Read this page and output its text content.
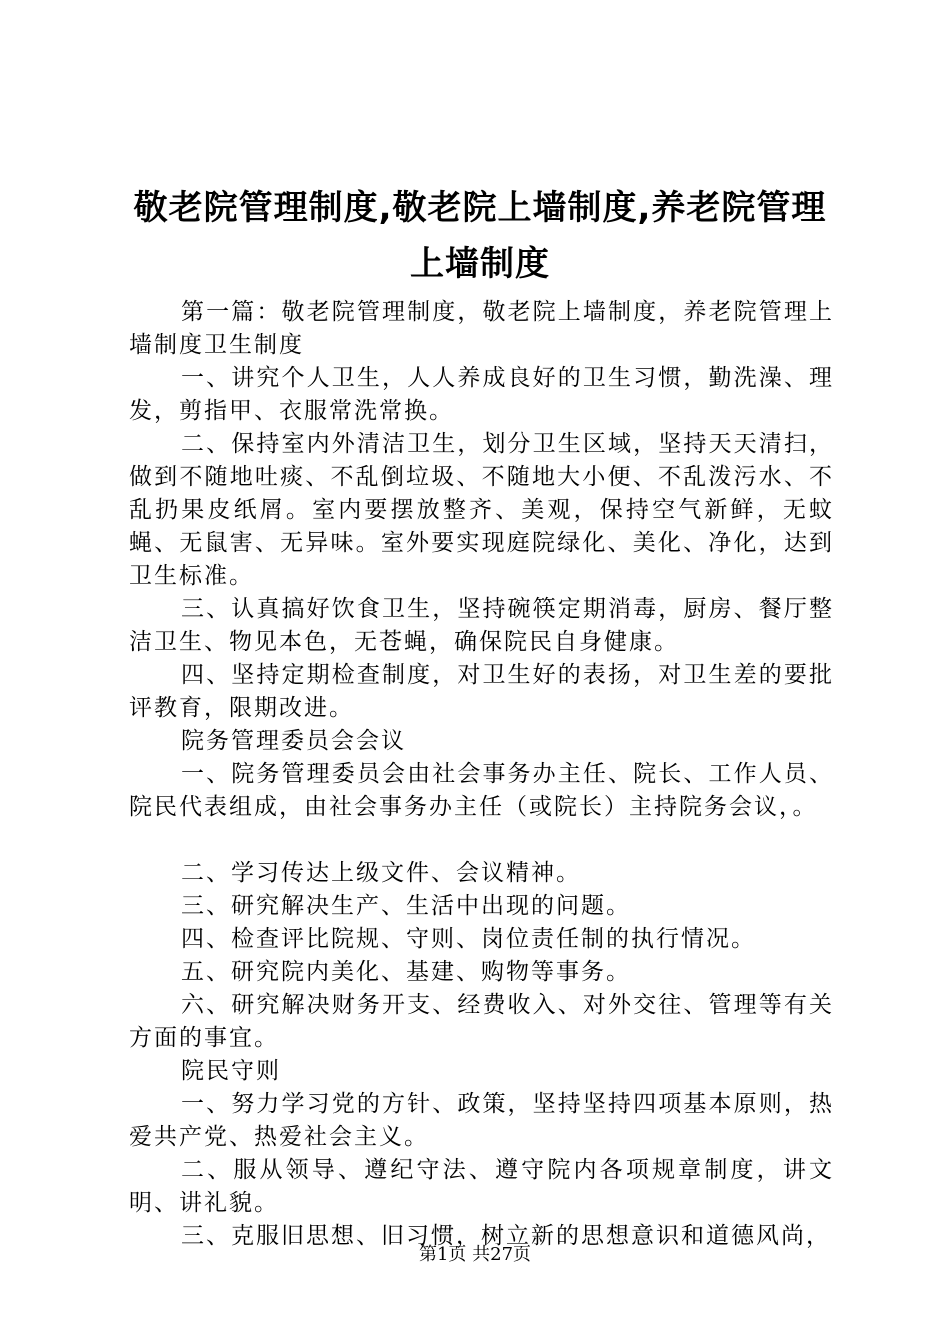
敬老院管理制度,敬老院上墙制度,养老院管理上墙制度

第一篇：敬老院管理制度，敬老院上墙制度，养老院管理上墙制度卫生制度

一、讲究个人卫生，人人养成良好的卫生习惯，勤洗澡、理发，剪指甲、衣服常洗常换。

二、保持室内外清洁卫生，划分卫生区域，坚持天天清扫，做到不随地吐痰、不乱倒垃圾、不随地大小便、不乱泼污水、不乱扔果皮纸屑。室内要摆放整齐、美观，保持空气新鲜，无蚊蝇、无鼠害、无异味。室外要实现庭院绿化、美化、净化，达到卫生标准。

三、认真搞好饮食卫生，坚持碗筷定期消毒，厨房、餐厅整洁卫生、物见本色，无苍蝇，确保院民自身健康。

四、坚持定期检查制度，对卫生好的表扬，对卫生差的要批评教育，限期改进。

院务管理委员会会议

一、院务管理委员会由社会事务办主任、院长、工作人员、院民代表组成，由社会事务办主任（或院长）主持院务会议，。

二、学习传达上级文件、会议精神。

三、研究解决生产、生活中出现的问题。

四、检查评比院规、守则、岗位责任制的执行情况。

五、研究院内美化、基建、购物等事务。

六、研究解决财务开支、经费收入、对外交往、管理等有关方面的事宜。

院民守则

一、努力学习党的方针、政策，坚持坚持四项基本原则，热爱共产党、热爱社会主义。

二、服从领导、遵纪守法、遵守院内各项规章制度，讲文明、讲礼貌。

三、克服旧思想、旧习惯，树立新的思想意识和道德风尚，

第1页 共27页
